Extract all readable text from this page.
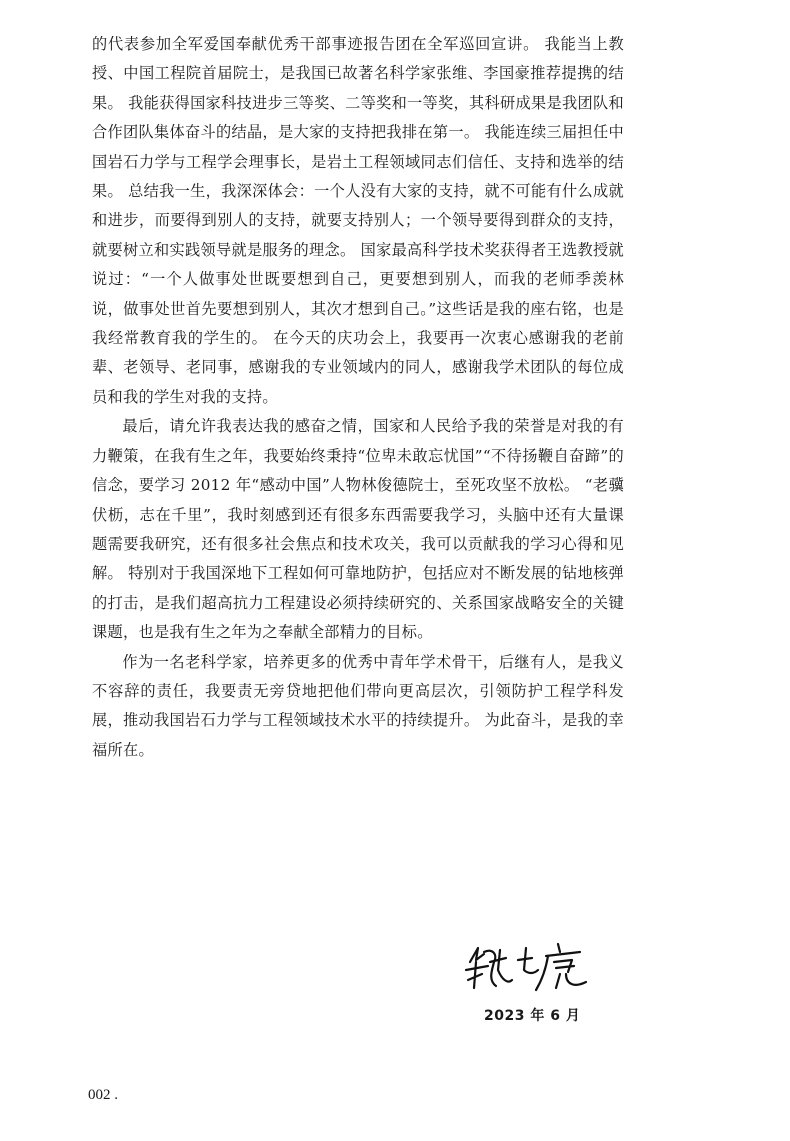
的代表参加全军爱国奉献优秀干部事迹报告团在全军巡回宣讲。 我能当上教授、中国工程院首届院士，是我国已故著名科学家张维、李国豪推荐提携的结果。 我能获得国家科技进步三等奖、二等奖和一等奖，其科研成果是我团队和合作团队集体奋斗的结晶，是大家的支持把我排在第一。 我能连续三届担任中国岩石力学与工程学会理事长，是岩土工程领域同志们信任、支持和选举的结果。 总结我一生，我深深体会：一个人没有大家的支持，就不可能有什么成就和进步，而要得到别人的支持，就要支持别人；一个领导要得到群众的支持，就要树立和实践领导就是服务的理念。 国家最高科学技术奖获得者王选教授就说过：“一个人做事处世既要想到自己，更要想到别人，而我的老师季羡林说，做事处世首先要想到别人，其次才想到自己。”这些话是我的座右铭，也是我经常教育我的学生的。 在今天的庆功会上，我要再一次衷心感谢我的老前辈、老领导、老同事，感谢我的专业领域内的同人，感谢我学术团队的每位成员和我的学生对我的支持。

最后，请允许我表达我的感奋之情，国家和人民给予我的荣誉是对我的有力鞭策，在我有生之年，我要始终秉持“位卑未敢忘忧国”“不待扬鞭自奋蹄”的信念，要学习 2012 年“感动中国”人物林俊德院士，至死攻坚不放松。 “老骥伏枥，志在千里”，我时刻感到还有很多东西需要我学习，头脑中还有大量课题需要我研究，还有很多社会焦点和技术攻关，我可以贡献我的学习心得和见解。 特别对于我国深地下工程如何可靠地防护，包括应对不断发展的钻地核弹的打击，是我们超高抗力工程建设必须持续研究的、关系国家战略安全的关键课题，也是我有生之年为之奉献全部精力的目标。

作为一名老科学家，培养更多的优秀中青年学术骨干，后继有人，是我义不容辞的责任，我要责无旁贷地把他们带向更高层次，引领防护工程学科发展，推动我国岩石力学与工程领域技术水平的持续提升。 为此奋斗，是我的幸福所在。

2023 年 6 月
002 .
